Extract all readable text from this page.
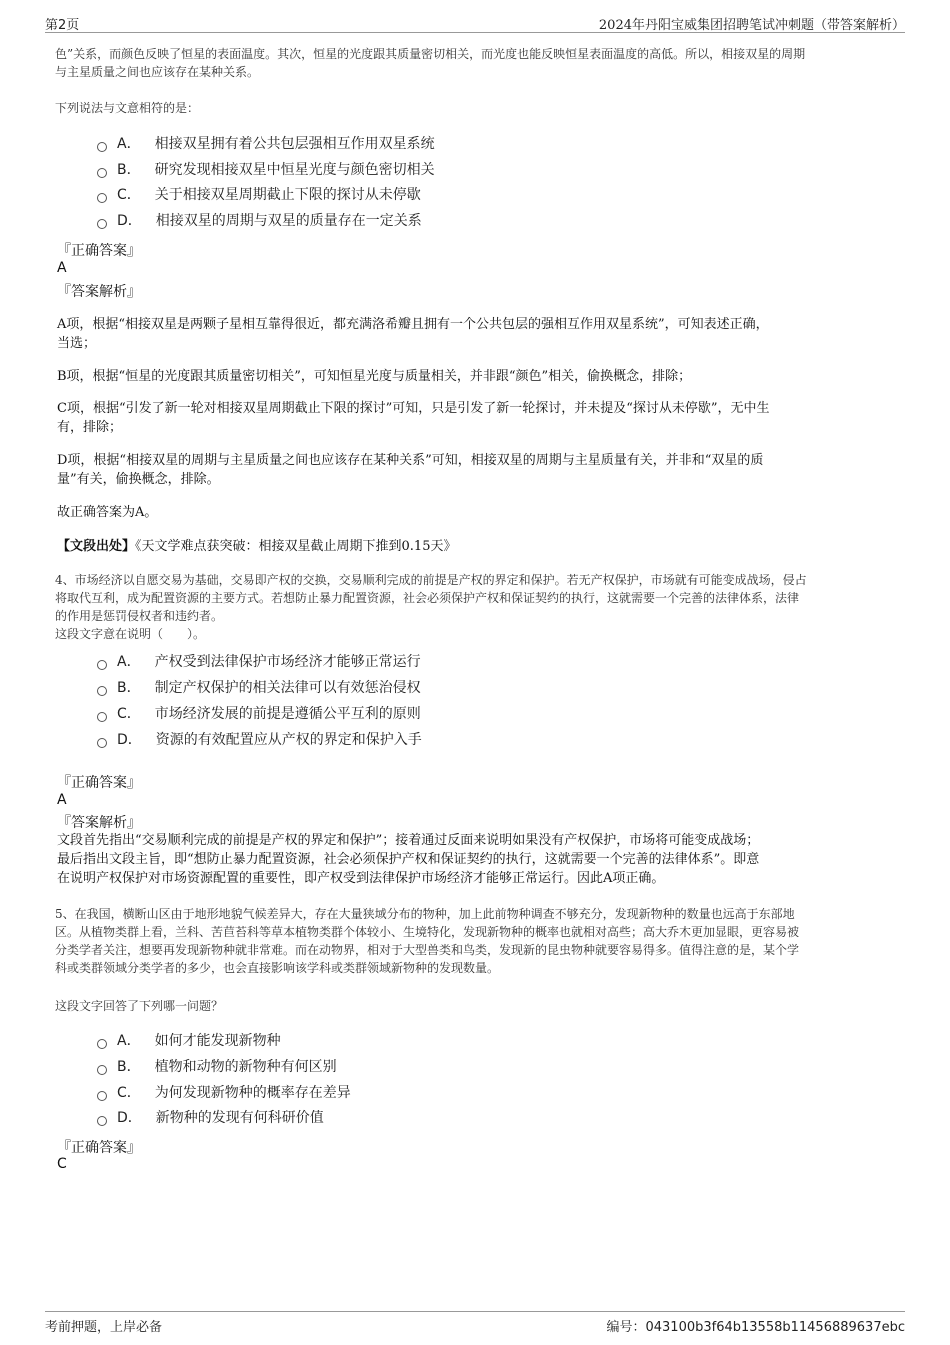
第2页	2024年丹阳宝威集团招聘笔试冲刺题（带答案解析）
色”关系，而颜色反映了恒星的表面温度。其次，恒星的光度跟其质量密切相关，而光度也能反映恒星表面温度的高低。所以，相接双星的周期
与主星质量之间也应该存在某种关系。
下列说法与文意相符的是：
A． 相接双星拥有着公共包层强相互作用双星系统
B． 研究发现相接双星中恒星光度与颜色密切相关
C． 关于相接双星周期截止下限的探讨从未停歇
D． 相接双星的周期与双星的质量存在一定关系
『正确答案』
A
『答案解析』
A项，根据“相接双星是两颗子星相互靠得很近，都充满洛希瓣且拥有一个公共包层的强相互作用双星系统”，可知表述正确，
当选；
B项，根据“恒星的光度跟其质量密切相关”，可知恒星光度与质量相关，并非跟“颜色”相关，偷换概念，排除；
C项，根据“引发了新一轮对相接双星周期截止下限的探讨”可知，只是引发了新一轮探讨，并未提及“探讨从未停歇”，无中生
有，排除；
D项，根据“相接双星的周期与主星质量之间也应该存在某种关系”可知，相接双星的周期与主星质量有关，并非和“双星的质
量”有关，偷换概念，排除。
故正确答案为A。
【文段出处】《天文学难点获突破：相接双星截止周期下推到0.15天》
4、市场经济以自愿交易为基础，交易即产权的交换，交易顺利完成的前提是产权的界定和保护。若无产权保护，市场就有可能变成战场，侵占
将取代互利，成为配置资源的主要方式。若想防止暴力配置资源，社会必须保护产权和保证契约的执行，这就需要一个完善的法律体系，法律
的作用是惩罚侵权者和违约者。
这段文字意在说明（　　）。
A． 产权受到法律保护市场经济才能够正常运行
B． 制定产权保护的相关法律可以有效惩治侵权
C． 市场经济发展的前提是遵循公平互利的原则
D． 资源的有效配置应从产权的界定和保护入手
『正确答案』
A
『答案解析』
文段首先指出“交易顺利完成的前提是产权的界定和保护”；接着通过反面来说明如果没有产权保护，市场将可能变成战场；
最后指出文段主旨，即“想防止暴力配置资源，社会必须保护产权和保证契约的执行，这就需要一个完善的法律体系”。即意
在说明产权保护对市场资源配置的重要性，即产权受到法律保护市场经济才能够正常运行。因此A项正确。
5、在我国，横断山区由于地形地貌气候差异大，存在大量狭域分布的物种，加上此前物种调查不够充分，发现新物种的数量也远高于东部地
区。从植物类群上看，兰科、苦苣苔科等草本植物类群个体较小、生境特化，发现新物种的概率也就相对高些；高大乔木更加显眼，更容易被
分类学者关注，想要再发现新物种就非常难。而在动物界，相对于大型兽类和鸟类，发现新的昆虫物种就要容易得多。值得注意的是，某个学
科或类群领域分类学者的多少，也会直接影响该学科或类群领域新物种的发现数量。
这段文字回答了下列哪一问题？
A． 如何才能发现新物种
B． 植物和动物的新物种有何区别
C． 为何发现新物种的概率存在差异
D． 新物种的发现有何科研价值
『正确答案』
C
考前押题，上岸必备	编号：043100b3f64b13558b11456889637ebc
